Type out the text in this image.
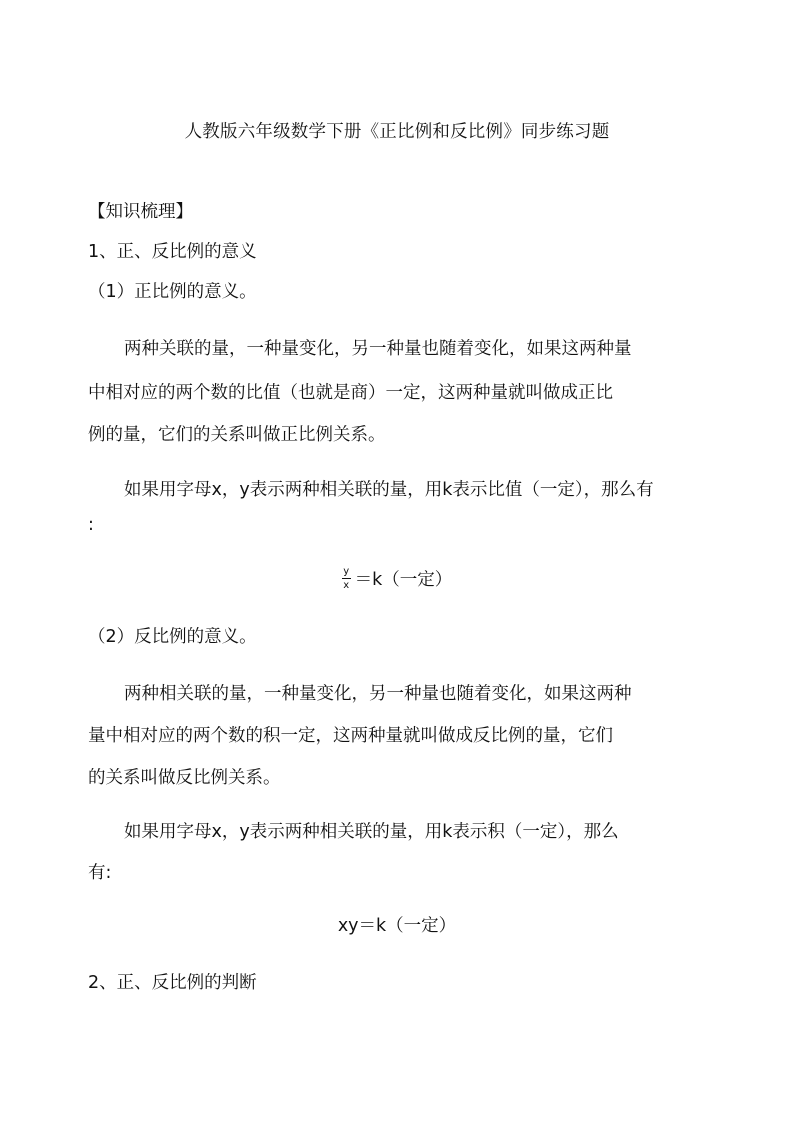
人教版六年级数学下册《正比例和反比例》同步练习题
【知识梳理】
1、正、反比例的意义
（1）正比例的意义。
两种关联的量，一种量变化，另一种量也随着变化，如果这两种量
中相对应的两个数的比值（也就是商）一定，这两种量就叫做成正比
例的量，它们的关系叫做正比例关系。
如果用字母x，y表示两种相关联的量，用k表示比值（一定），那么有
:
$\frac{y}{x} =k$（一定）
（2）反比例的意义。
两种相关联的量，一种量变化，另一种量也随着变化，如果这两种
量中相对应的两个数的积一定，这两种量就叫做成反比例的量，它们
的关系叫做反比例关系。
如果用字母x，y表示两种相关联的量，用k表示积（一定），那么
有:
xy＝k（一定）
2、正、反比例的判断
